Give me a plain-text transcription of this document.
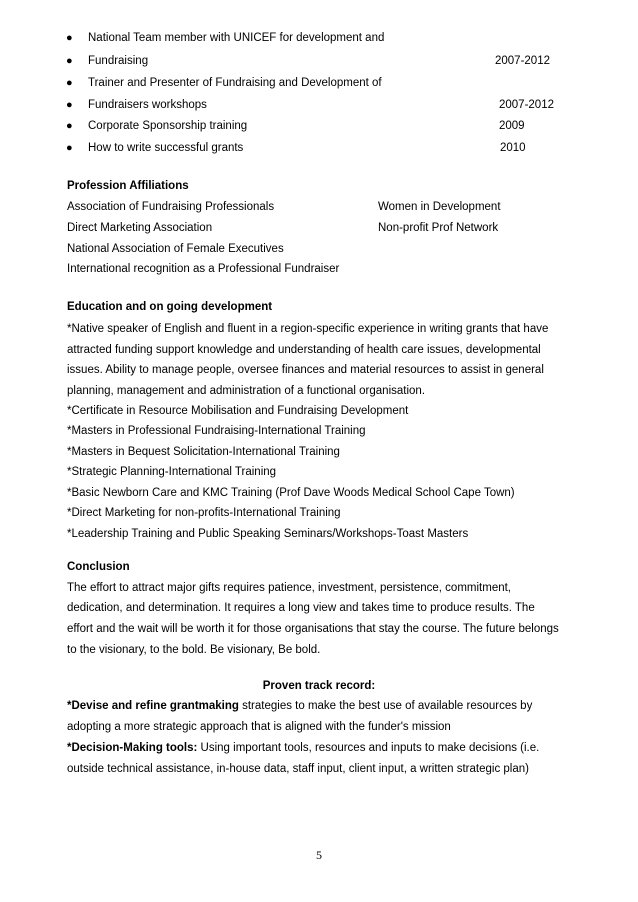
● National Team member with UNICEF for development and
● Fundraising	2007-2012
● Trainer and Presenter of Fundraising and Development of
● Fundraisers workshops	2007-2012
● Corporate Sponsorship training	2009
● How to write successful grants	2010
Profession Affiliations
Association of Fundraising Professionals	Women in Development
Direct Marketing Association	Non-profit Prof Network
National Association of Female Executives
International recognition as a Professional Fundraiser
Education and on going development
*Native speaker of English and fluent in a region-specific experience in writing grants that have
attracted funding support knowledge and understanding of health care issues, developmental
issues. Ability to manage people, oversee finances and material resources to assist in general
planning, management and administration of a functional organisation.
*Certificate in Resource Mobilisation and Fundraising Development
*Masters in Professional Fundraising-International Training
*Masters in Bequest Solicitation-International Training
*Strategic Planning-International Training
*Basic Newborn Care and KMC Training (Prof Dave Woods Medical School Cape Town)
*Direct Marketing for non-profits-International Training
*Leadership Training and Public Speaking Seminars/Workshops-Toast Masters
Conclusion
The effort to attract major gifts requires patience, investment, persistence, commitment,
dedication, and determination. It requires a long view and takes time to produce results. The
effort and the wait will be worth it for those organisations that stay the course. The future belongs
to the visionary, to the bold. Be visionary, Be bold.
Proven track record:
*Devise and refine grantmaking strategies to make the best use of available resources by
adopting a more strategic approach that is aligned with the funder's mission
*Decision-Making tools: Using important tools, resources and inputs to make decisions (i.e.
outside technical assistance, in-house data, staff input, client input, a written strategic plan)
5
